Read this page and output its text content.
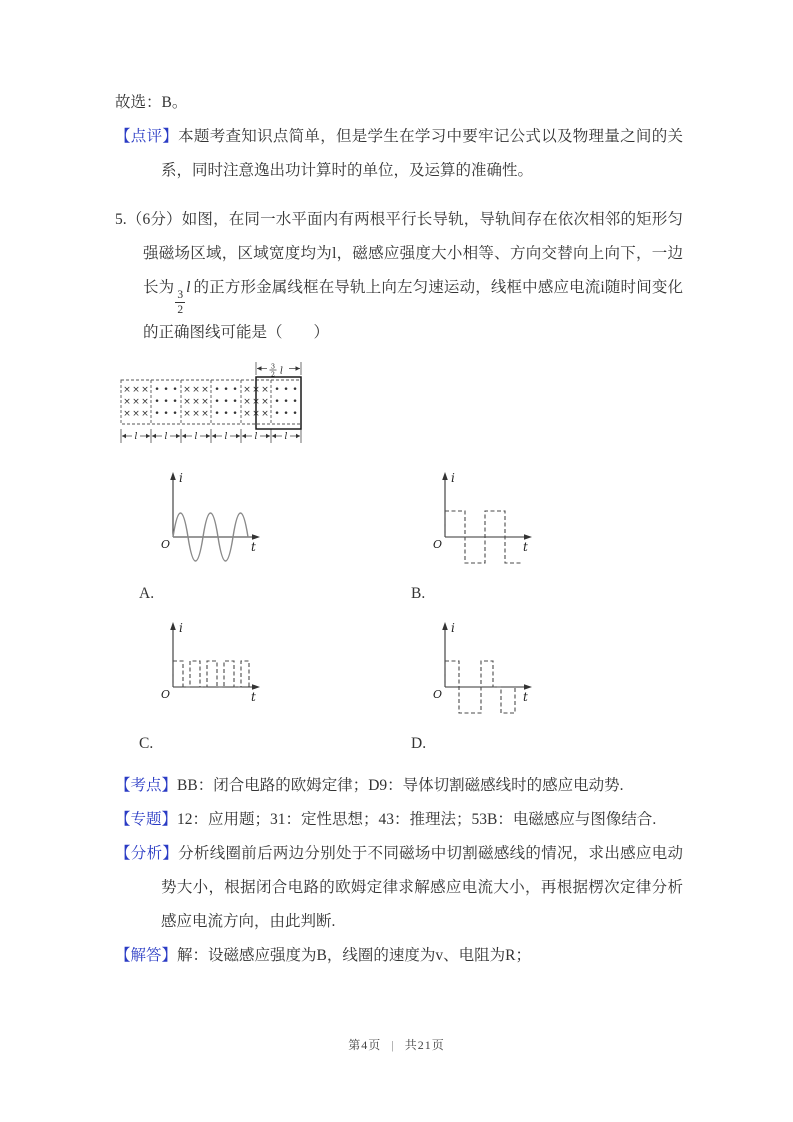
故选：B。

【点评】本题考查知识点简单，但是学生在学习中要牢记公式以及物理量之间的关系，同时注意逸出功计算时的单位，及运算的准确性。

5.（6分）如图，在同一水平面内有两根平行长导轨，导轨间存在依次相邻的矩形匀强磁场区域，区域宽度均为l，磁感应强度大小相等、方向交替向上向下，一边长为
$\frac{3}{2}$
l 的正方形金属线框在导轨上向左匀速运动，线框中感应电流i随时间变化的正确图线可能是（　　）

×
×
×
×
×
×
×
×
×
l
•
•
•
•
•
•
•
•
•
l
×
×
×
×
×
×
×
×
×
l
•
•
•
•
•
•
•
•
•
l
×
×
×
×
×
×
×
×
×
l
•
•
•
•
•
•
•
•
•
l
3
2 l
i
t
O
A.
i
t
O
B.
i
t
O
C.
i
t
O
D.

【考点】BB：闭合电路的欧姆定律；D9：导体切割磁感线时的感应电动势.

【专题】12：应用题；31：定性思想；43：推理法；53B：电磁感应与图像结合.

【分析】分析线圈前后两边分别处于不同磁场中切割磁感线的情况，求出感应电动势大小，根据闭合电路的欧姆定律求解感应电流大小，再根据楞次定律分析感应电流方向，由此判断.

【解答】解：设磁感应强度为B，线圈的速度为v、电阻为R；

第4页 | 共21页
